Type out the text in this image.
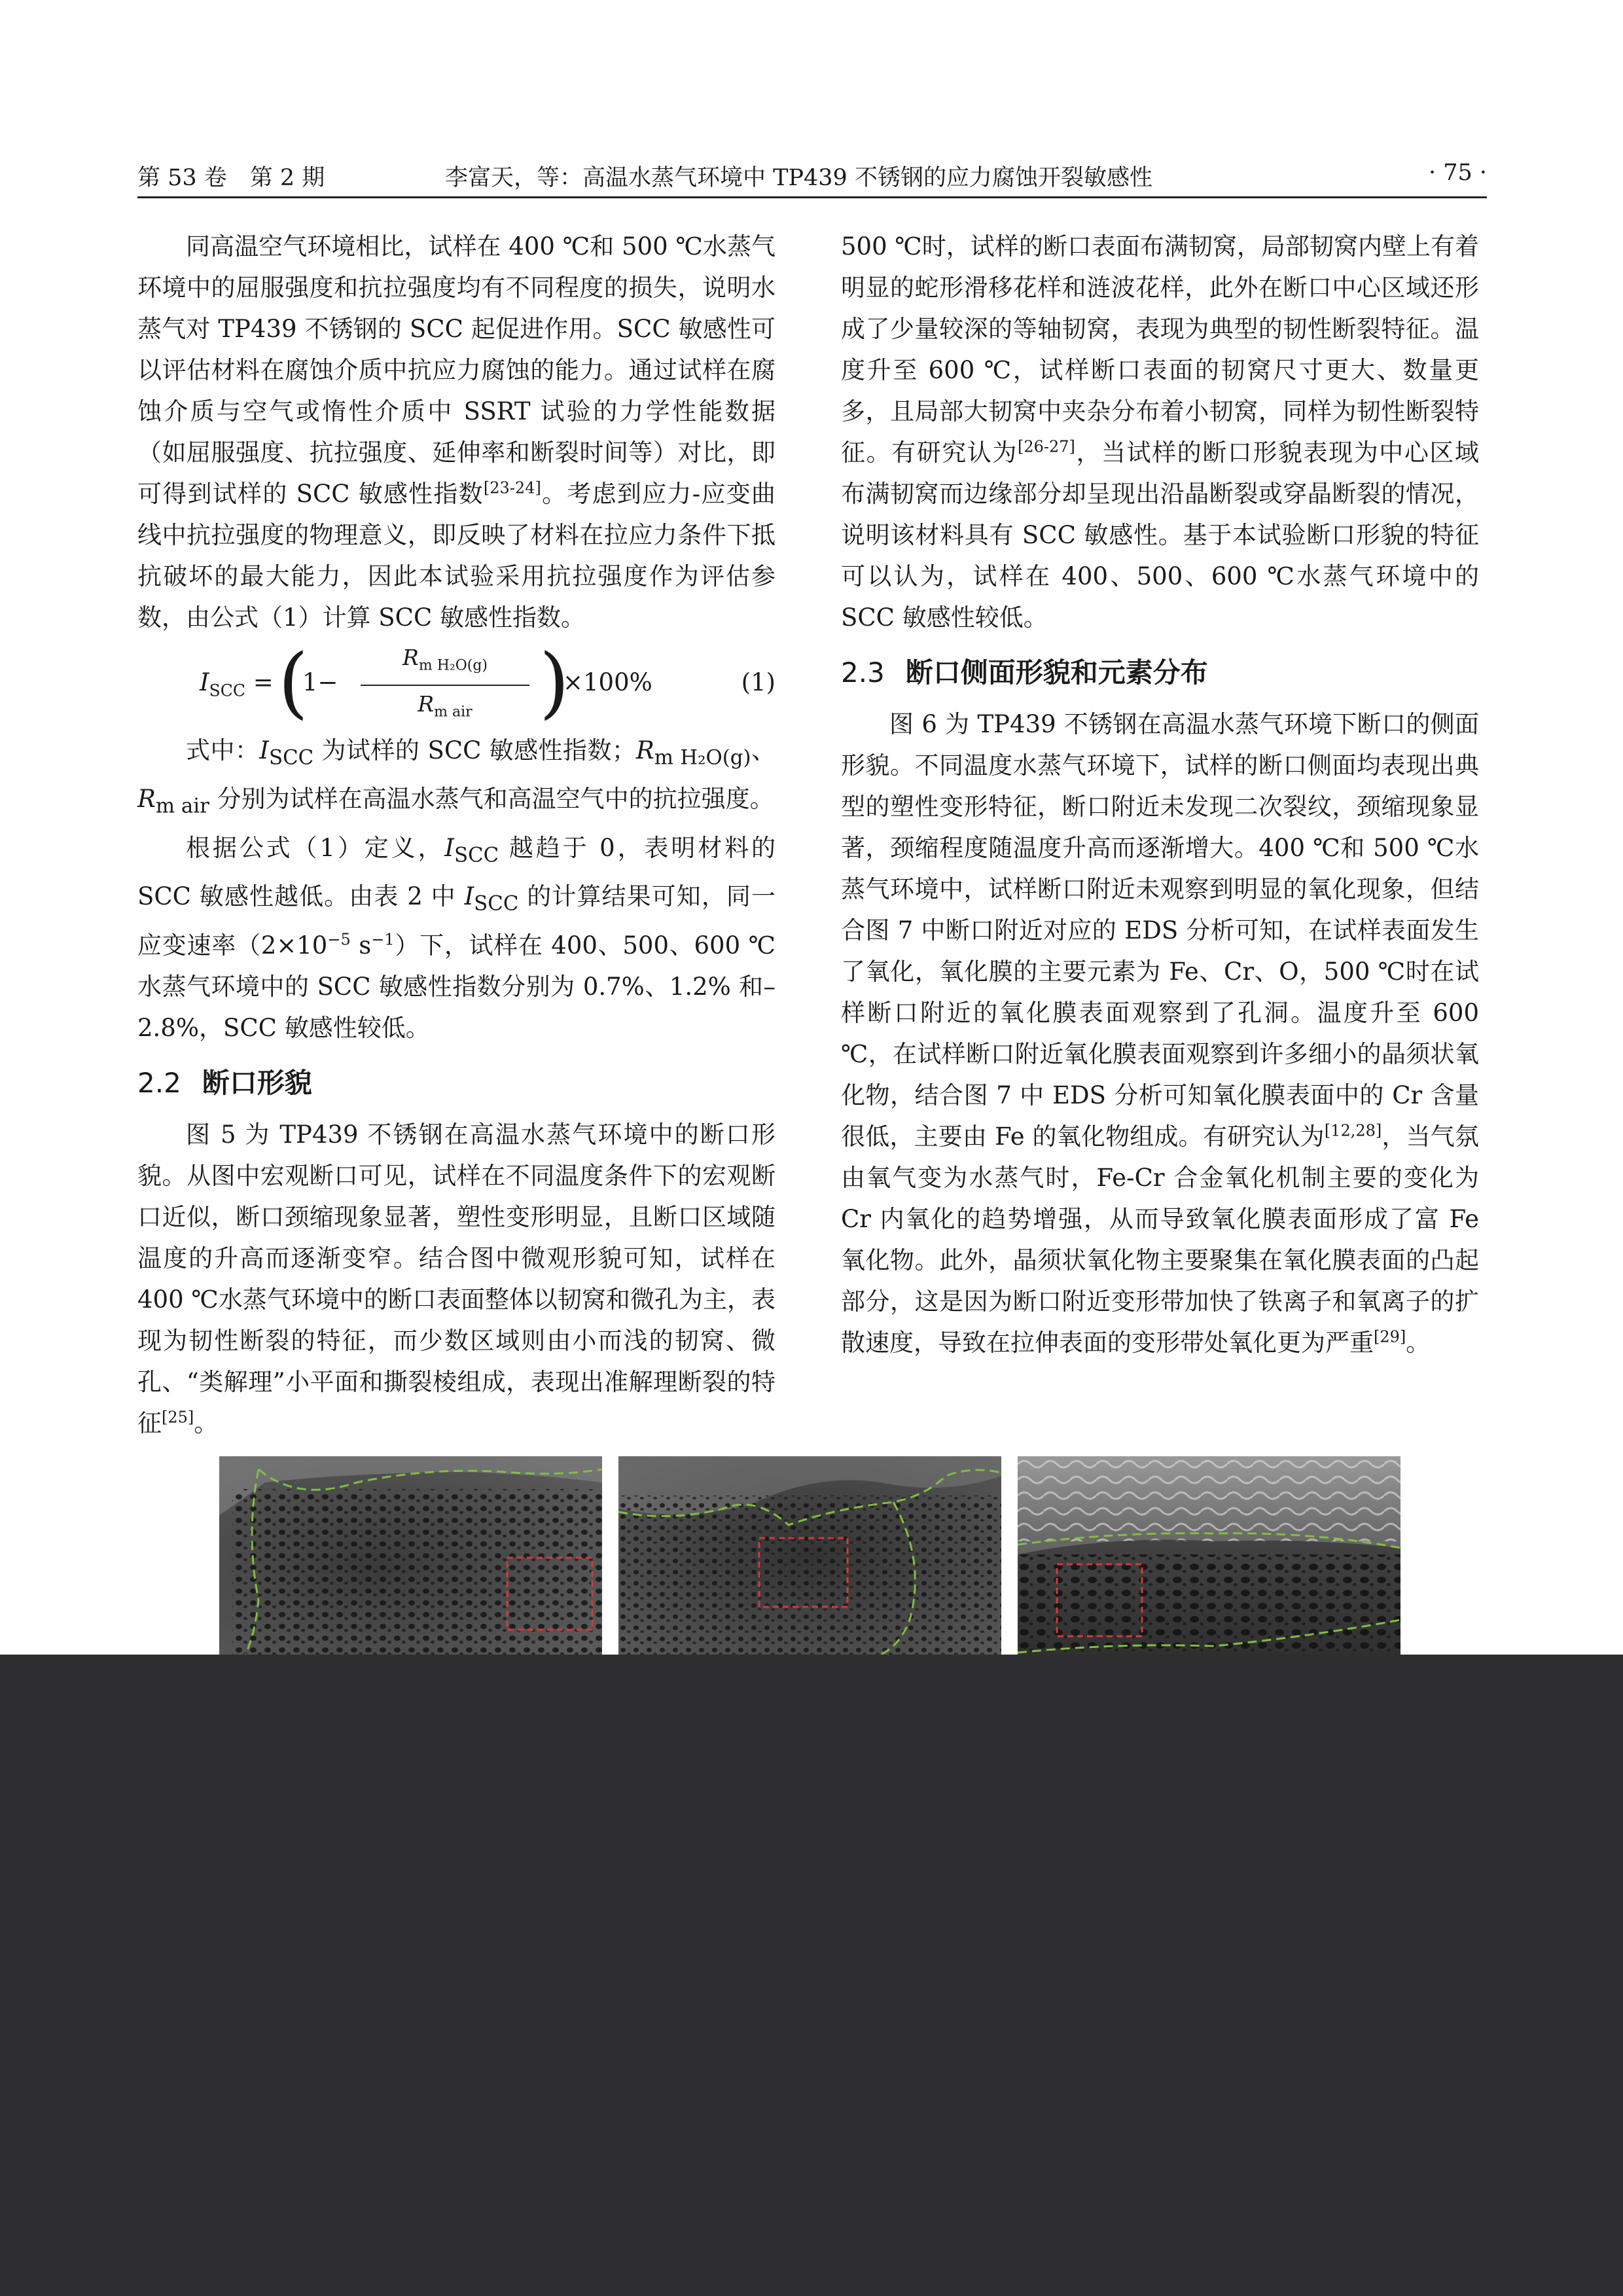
第 53 卷　第 2 期	李富天，等：高温水蒸气环境中 TP439 不锈钢的应力腐蚀开裂敏感性	· 75 ·

同高温空气环境相比，试样在 400 ℃和 500 ℃水蒸气环境中的屈服强度和抗拉强度均有不同程度的损失，说明水蒸气对 TP439 不锈钢的 SCC 起促进作用。SCC 敏感性可以评估材料在腐蚀介质中抗应力腐蚀的能力。通过试样在腐蚀介质与空气或惰性介质中 SSRT 试验的力学性能数据（如屈服强度、抗拉强度、延伸率和断裂时间等）对比，即可得到试样的 SCC 敏感性指数[23-24]。考虑到应力-应变曲线中抗拉强度的物理意义，即反映了材料在拉应力条件下抵抗破坏的最大能力，因此本试验采用抗拉强度作为评估参数，由公式（1）计算 SCC 敏感性指数。

$I_{SCC}$ = (
1−
$R_{m H_2O(g)}$
$R_{m air}$ )
×100%	(1)

式中：$I_{SCC}$ 为试样的 SCC 敏感性指数；$R_{m H_2O(g)}$、$R_{m air}$ 分别为试样在高温水蒸气和高温空气中的抗拉强度。

根据公式（1）定义，$I_{SCC}$ 越趋于 0，表明材料的 SCC 敏感性越低。由表 2 中 $I_{SCC}$ 的计算结果可知，同一应变速率（$2\times 10^{-5}$ $s^{-1}$）下，试样在 400、500、600 ℃水蒸气环境中的 SCC 敏感性指数分别为 0.7%、1.2% 和–2.8%，SCC 敏感性较低。

2.2 断口形貌

图 5 为 TP439 不锈钢在高温水蒸气环境中的断口形貌。从图中宏观断口可见，试样在不同温度条件下的宏观断口近似，断口颈缩现象显著，塑性变形明显，且断口区域随温度的升高而逐渐变窄。结合图中微观形貌可知，试样在 400 ℃水蒸气环境中的断口表面整体以韧窝和微孔为主，表现为韧性断裂的特征，而少数区域则由小而浅的韧窝、微孔、“类解理”小平面和撕裂棱组成，表现出准解理断裂的特征[25]。

500 ℃时，试样的断口表面布满韧窝，局部韧窝内壁上有着明显的蛇形滑移花样和涟波花样，此外在断口中心区域还形成了少量较深的等轴韧窝，表现为典型的韧性断裂特征。温度升至 600 ℃，试样断口表面的韧窝尺寸更大、数量更多，且局部大韧窝中夹杂分布着小韧窝，同样为韧性断裂特征。有研究认为[26-27]，当试样的断口形貌表现为中心区域布满韧窝而边缘部分却呈现出沿晶断裂或穿晶断裂的情况，说明该材料具有 SCC 敏感性。基于本试验断口形貌的特征可以认为，试样在 400、500、600 ℃水蒸气环境中的 SCC 敏感性较低。

2.3 断口侧面形貌和元素分布

图 6 为 TP439 不锈钢在高温水蒸气环境下断口的侧面形貌。不同温度水蒸气环境下，试样的断口侧面均表现出典型的塑性变形特征，断口附近未发现二次裂纹，颈缩现象显著，颈缩程度随温度升高而逐渐增大。400 ℃和 500 ℃水蒸气环境中，试样断口附近未观察到明显的氧化现象，但结合图 7 中断口附近对应的 EDS 分析可知，在试样表面发生了氧化，氧化膜的主要元素为 Fe、Cr、O，500 ℃时在试样断口附近的氧化膜表面观察到了孔洞。温度升至 600 ℃，在试样断口附近氧化膜表面观察到许多细小的晶须状氧化物，结合图 7 中 EDS 分析可知氧化膜表面中的 Cr 含量很低，主要由 Fe 的氧化物组成。有研究认为[12,28]，当气氛由氧气变为水蒸气时，Fe-Cr 合金氧化机制主要的变化为 Cr 内氧化的趋势增强，从而导致氧化膜表面形成了富 Fe 氧化物。此外，晶须状氧化物主要聚集在氧化膜表面的凸起部分，这是因为断口附近变形带加快了铁离子和氧离子的扩散速度，导致在拉伸表面的变形带处氧化更为严重[29]。
